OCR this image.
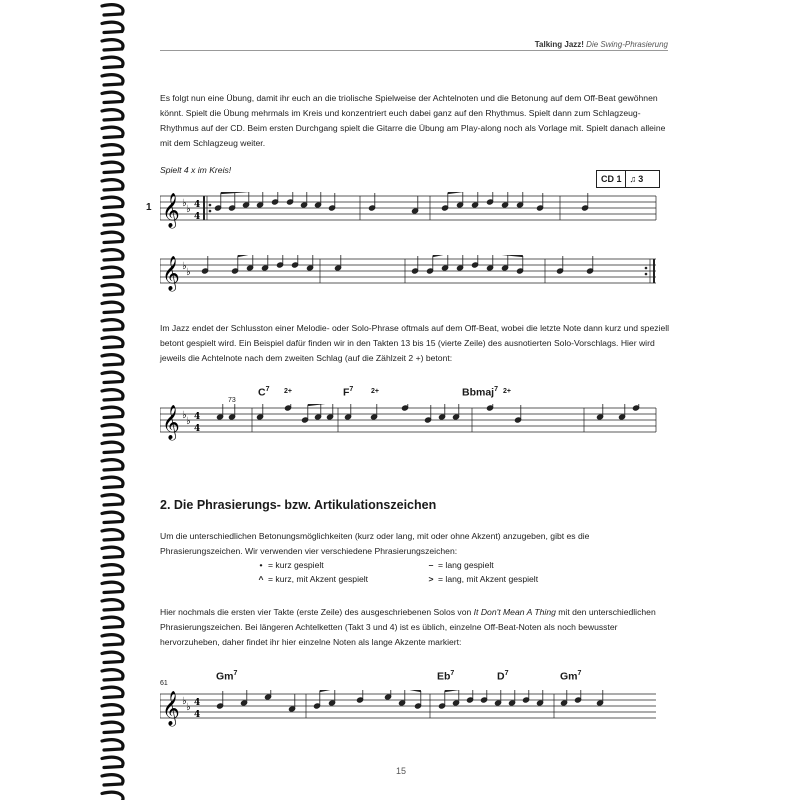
Talking Jazz! Die Swing-Phrasierung

Es folgt nun eine Übung, damit ihr euch an die triolische Spielweise der Achtelnoten und die Betonung auf dem Off-Beat gewöhnen könnt. Spielt die Übung mehrmals im Kreis und konzentriert euch dabei ganz auf den Rhythmus. Spielt dann zum Schlagzeug-Rhythmus auf der CD. Beim ersten Durchgang spielt die Gitarre die Übung am Play-along noch als Vorlage mit. Spielt danach alleine mit dem Schlagzeug weiter.

Spielt 4 x im Kreis!
CD 1 ♫ 3
1 𝄞 ♭
♭ 4
4
𝄞 ♭
♭

Im Jazz endet der Schlusston einer Melodie- oder Solo-Phrase oftmals auf dem Off-Beat, wobei die letzte Note dann kurz und speziell betont gespielt wird. Ein Beispiel dafür finden wir in den Takten 13 bis 15 (vierte Zeile) des ausnotierten Solo-Vorschlags. Hier wird jeweils die Achtelnote nach dem zweiten Schlag (auf die Zählzeit 2 +) betont:

$C^7$	$F^7$	Bbmaj$^7$
2+	2+	2+
73
𝄞 ♭
♭ 4
4
2. Die Phrasierungs- bzw. Artikulationszeichen

Um die unterschiedlichen Betonungsmöglichkeiten (kurz oder lang, mit oder ohne Akzent) anzugeben, gibt es die Phrasierungszeichen. Wir verwenden vier verschiedene Phrasierungszeichen:

• = kurz gespielt	– = lang gespielt
^ = kurz, mit Akzent gespielt	> = lang, mit Akzent gespielt

Hier nochmals die ersten vier Takte (erste Zeile) des ausgeschriebenen Solos von It Don't Mean A Thing mit den unterschiedlichen Phrasierungszeichen. Bei längeren Achtelketten (Takt 3 und 4) ist es üblich, einzelne Off-Beat-Noten als noch bewusster hervorzuheben, daher findet ihr hier einzelne Noten als lange Akzente markiert:

Gm$^7$	Eb$^7$	$D^7$	Gm$^7$
61
𝄞 ♭
♭ 4
4
15
